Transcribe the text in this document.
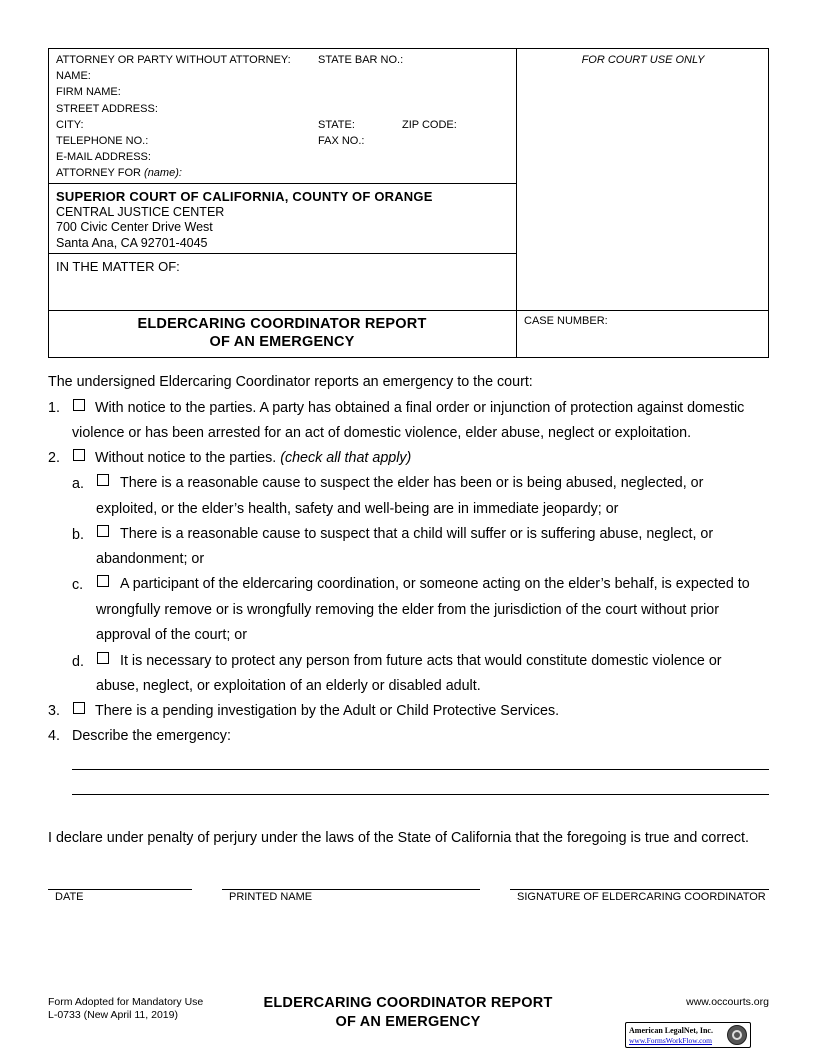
ATTORNEY OR PARTY WITHOUT ATTORNEY: STATE BAR NO.:
NAME:
FIRM NAME:
STREET ADDRESS:
CITY:	STATE:	ZIP CODE:
TELEPHONE NO.:	FAX NO.:
E-MAIL ADDRESS:
ATTORNEY FOR (name):
FOR COURT USE ONLY
SUPERIOR COURT OF CALIFORNIA, COUNTY OF ORANGE
CENTRAL JUSTICE CENTER
700 Civic Center Drive West
Santa Ana, CA 92701-4045
IN THE MATTER OF:
ELDERCARING COORDINATOR REPORT
OF AN EMERGENCY
CASE NUMBER:
The undersigned Eldercaring Coordinator reports an emergency to the court:
1. With notice to the parties. A party has obtained a final order or injunction of protection against domestic
violence or has been arrested for an act of domestic violence, elder abuse, neglect or exploitation.
2. Without notice to the parties. (check all that apply)
a.	There is a reasonable cause to suspect the elder has been or is being abused, neglected, or
exploited, or the elder’s health, safety and well-being are in immediate jeopardy; or
b.	There is a reasonable cause to suspect that a child will suffer or is suffering abuse, neglect, or
abandonment; or
c.	A participant of the eldercaring coordination, or someone acting on the elder’s behalf, is expected to
wrongfully remove or is wrongfully removing the elder from the jurisdiction of the court without prior
approval of the court; or
d.	It is necessary to protect any person from future acts that would constitute domestic violence or
abuse, neglect, or exploitation of an elderly or disabled adult.
3. There is a pending investigation by the Adult or Child Protective Services.
4. Describe the emergency:
I declare under penalty of perjury under the laws of the State of California that the foregoing is true and correct.
DATE	PRINTED NAME	SIGNATURE OF ELDERCARING COORDINATOR
Form Adopted for Mandatory Use
L-0733 (New April 11, 2019)
ELDERCARING COORDINATOR REPORT
OF AN EMERGENCY
www.occourts.org
American LegalNet, Inc.
www.FormsWorkFlow.com
